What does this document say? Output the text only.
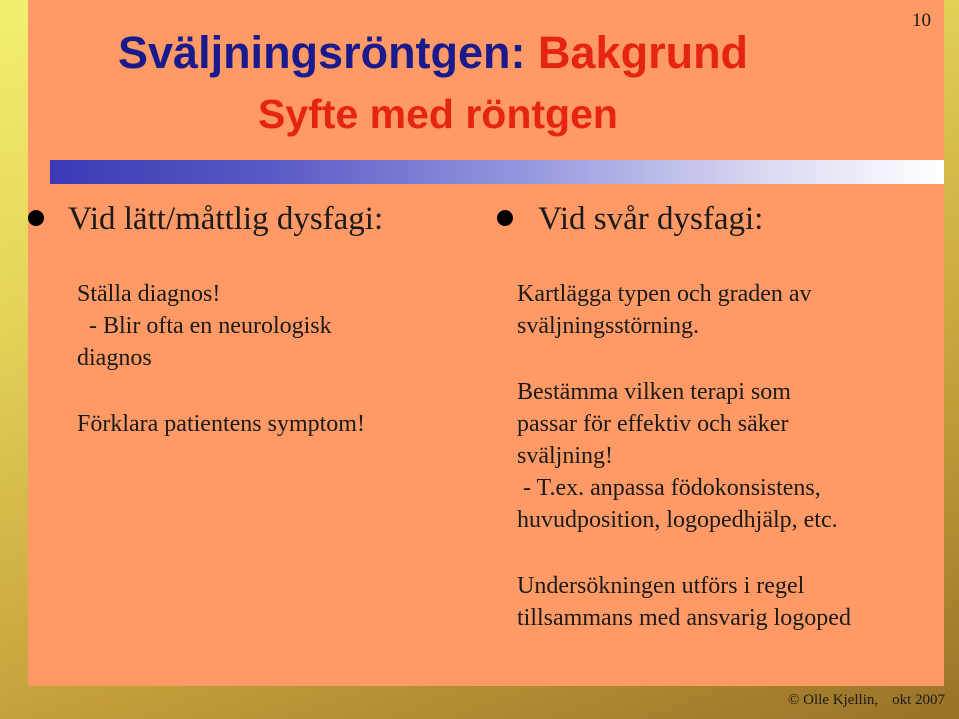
10
Sväljningsröntgen: Bakgrund
Syfte med röntgen
Vid lätt/måttlig dysfagi:

Ställa diagnos!

- Blir ofta en neurologisk

diagnos

Förklara patientens symptom!

Vid svår dysfagi:

Kartlägga typen och graden av

sväljningsstörning.

Bestämma vilken terapi som

passar för effektiv och säker

sväljning!

- T.ex. anpassa födokonsistens,

huvudposition, logopedhjälp, etc.

Undersökningen utförs i regel

tillsammans med ansvarig logoped

© Olle Kjellin, okt 2007
